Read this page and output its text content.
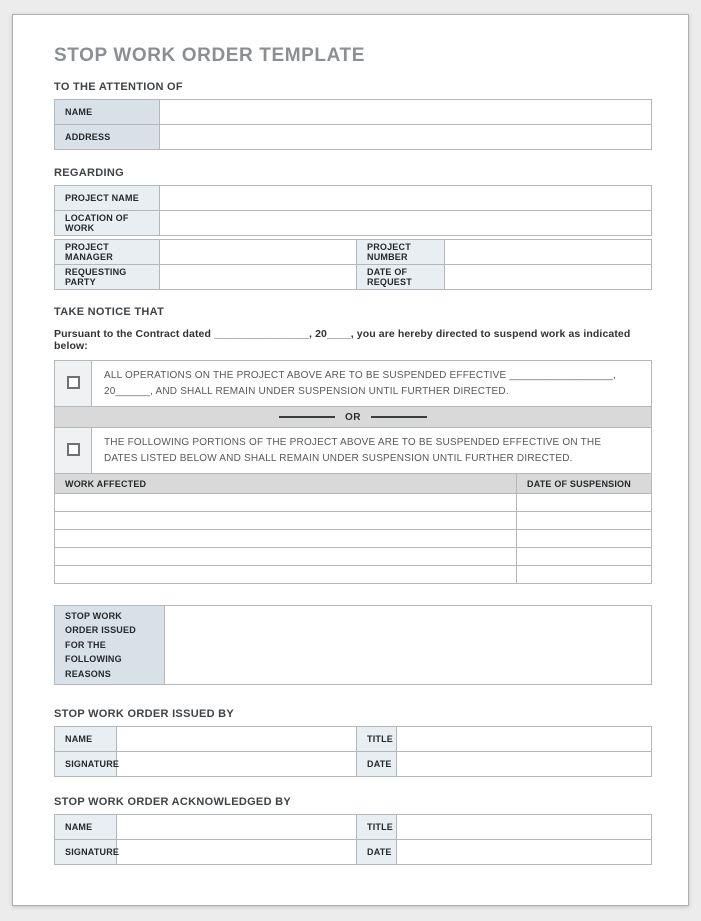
STOP WORK ORDER TEMPLATE
TO THE ATTENTION OF
NAME	
ADDRESS	
REGARDING
PROJECT NAME	
LOCATION OF WORK	
PROJECT MANAGER		PROJECT NUMBER	
REQUESTING PARTY		DATE OF REQUEST	
TAKE NOTICE THAT
Pursuant to the Contract dated ________________, 20____, you are hereby directed to suspend work as indicated below:
	ALL OPERATIONS ON THE PROJECT ABOVE ARE TO BE SUSPENDED EFFECTIVE __________________, 20______, AND SHALL REMAIN UNDER SUSPENSION UNTIL FURTHER DIRECTED.

OR	

	THE FOLLOWING PORTIONS OF THE PROJECT ABOVE ARE TO BE SUSPENDED EFFECTIVE ON THE DATES LISTED BELOW AND SHALL REMAIN UNDER SUSPENSION UNTIL FURTHER DIRECTED.
WORK AFFECTED	DATE OF SUSPENSION

STOP WORK ORDER ISSUED FOR THE FOLLOWING REASONS	
STOP WORK ORDER ISSUED BY
NAME		TITLE	
SIGNATURE		DATE	
STOP WORK ORDER ACKNOWLEDGED BY
NAME		TITLE	
SIGNATURE		DATE	
